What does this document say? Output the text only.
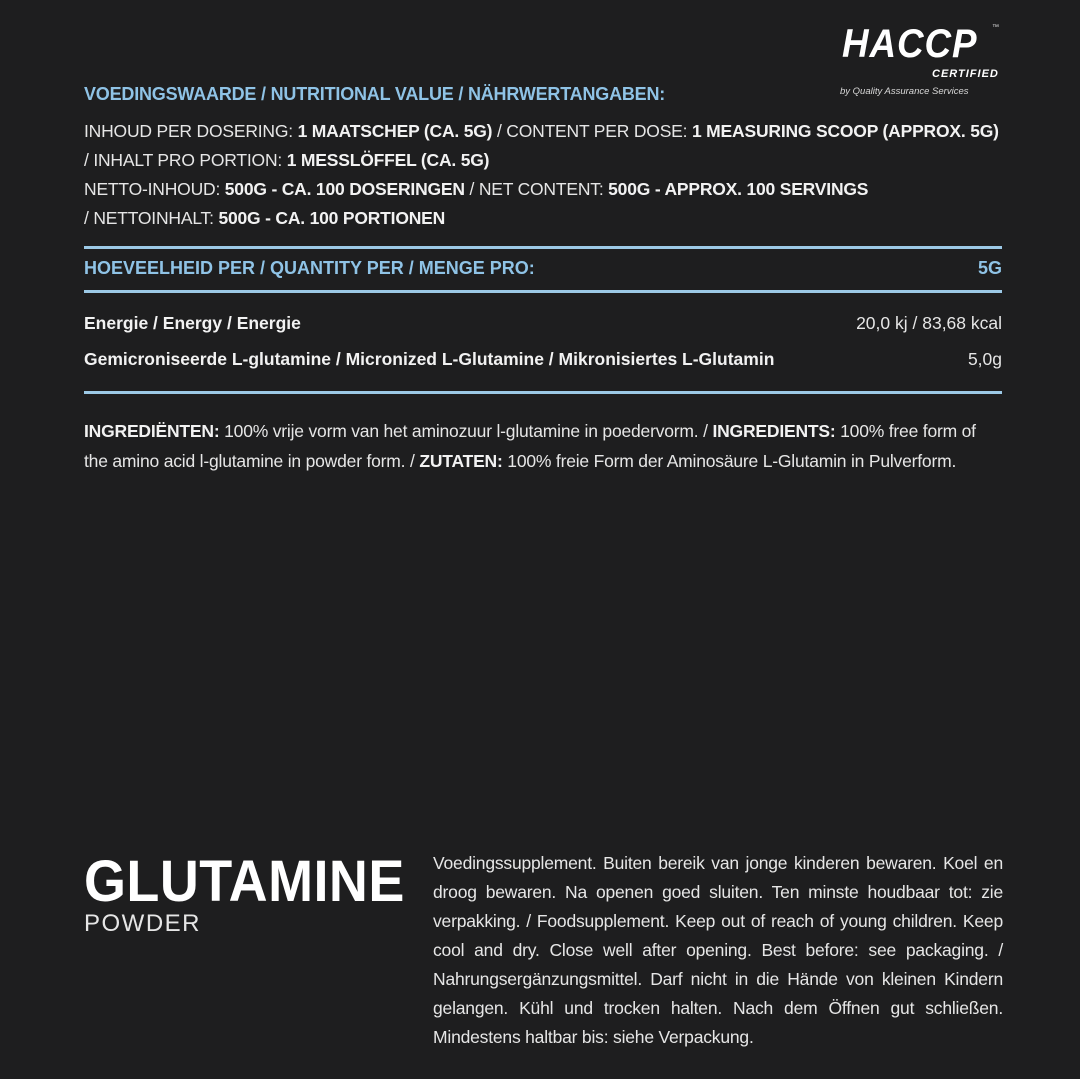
HACCP ™
CERTIFIED
by Quality Assurance Services
VOEDINGSWAARDE / NUTRITIONAL VALUE / NÄHRWERTANGABEN:
INHOUD PER DOSERING: 1 MAATSCHEP (CA. 5G) / CONTENT PER DOSE: 1 MEASURING SCOOP (APPROX. 5G)
/ INHALT PRO PORTION: 1 MESSLÖFFEL (CA. 5G)
NETTO-INHOUD: 500G - CA. 100 DOSERINGEN / NET CONTENT: 500G - APPROX. 100 SERVINGS
/ NETTOINHALT: 500G - CA. 100 PORTIONEN
HOEVEELHEID PER / QUANTITY PER / MENGE PRO:	5G
Energie / Energy / Energie	20,0 kj / 83,68 kcal
Gemicroniseerde L-glutamine / Micronized L-Glutamine / Mikronisiertes L-Glutamin	5,0g
INGREDIËNTEN: 100% vrije vorm van het aminozuur l-glutamine in poedervorm. / INGREDIENTS: 100% free form of the amino acid l-glutamine in powder form. / ZUTATEN: 100% freie Form der Aminosäure L-Glutamin in Pulverform.
GLUTAMINE
POWDER
Voedingssupplement. Buiten bereik van jonge kinderen bewaren. Koel en droog bewaren. Na openen goed sluiten. Ten minste houdbaar tot: zie verpakking. / Foodsupplement. Keep out of reach of young children. Keep cool and dry. Close well after opening. Best before: see packaging. / Nahrungsergänzungsmittel. Darf nicht in die Hände von kleinen Kindern gelangen. Kühl und trocken halten. Nach dem Öffnen gut schließen. Mindestens haltbar bis: siehe Verpackung.
